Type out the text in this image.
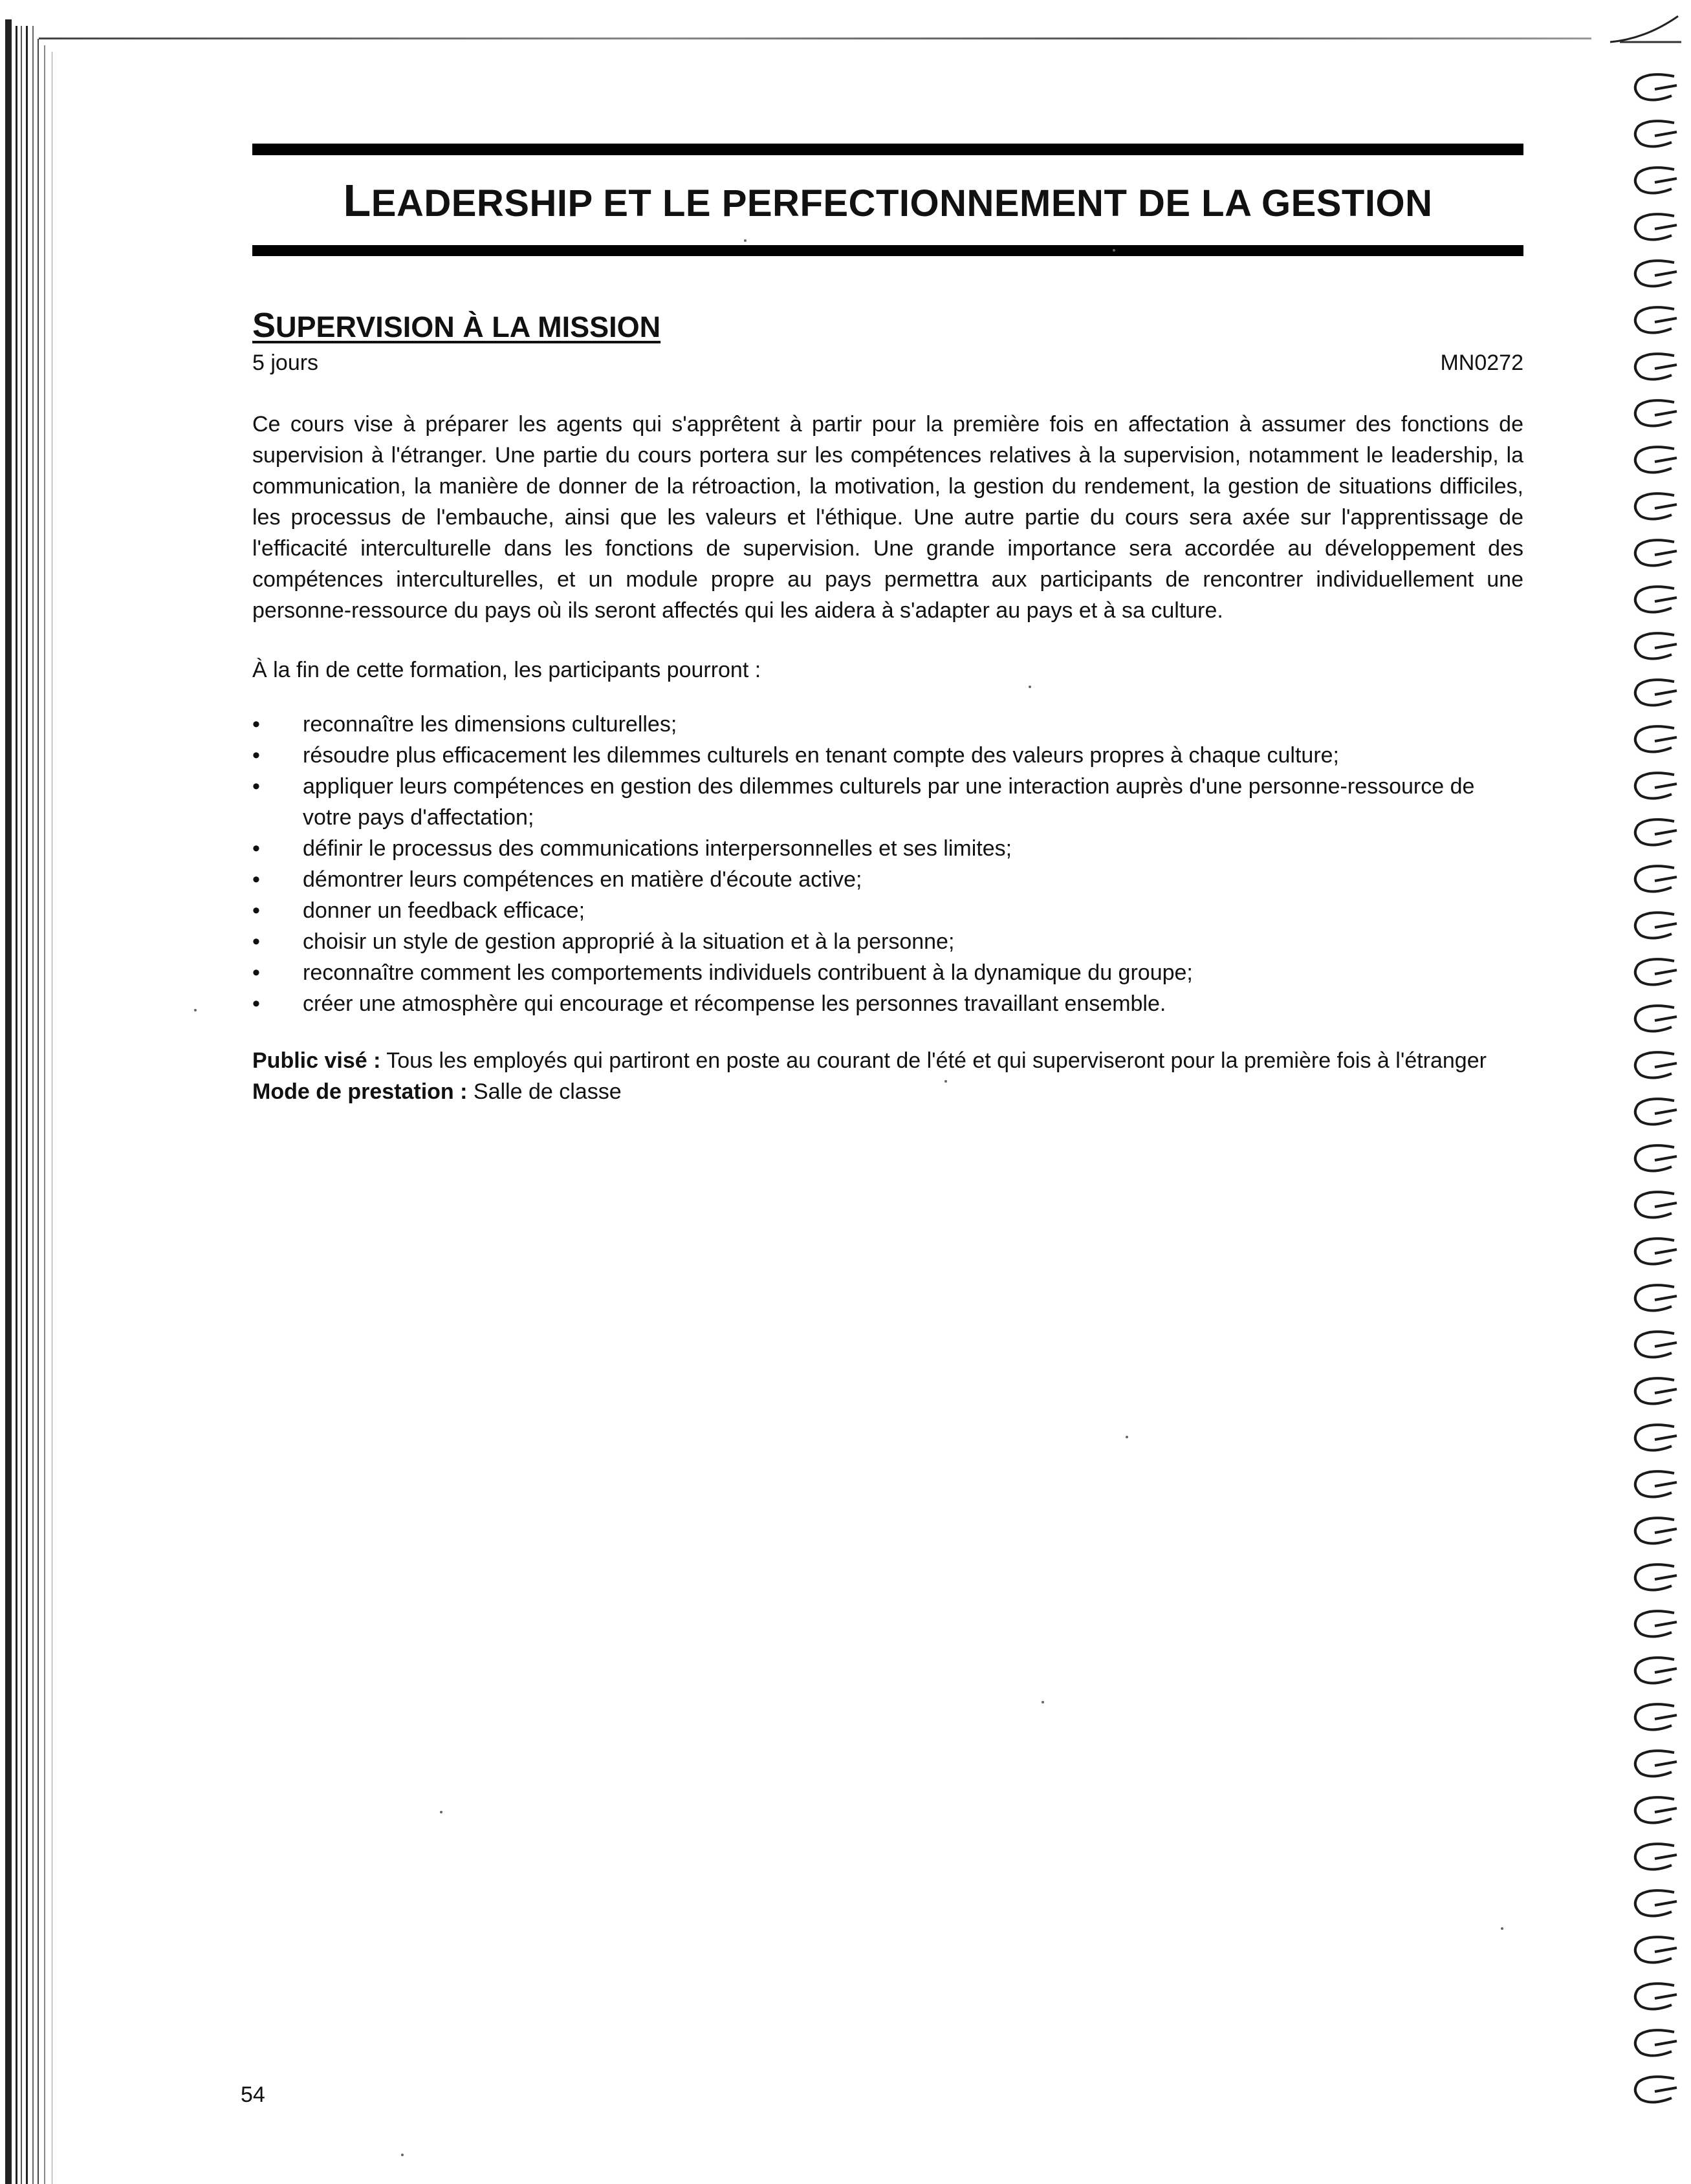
LEADERSHIP ET LE PERFECTIONNEMENT DE LA GESTION
SUPERVISION À LA MISSION
5 jours	MN0272
Ce cours vise à préparer les agents qui s'apprêtent à partir pour la première fois en affectation à assumer des fonctions de supervision à l'étranger. Une partie du cours portera sur les compétences relatives à la supervision, notamment le leadership, la communication, la manière de donner de la rétroaction, la motivation, la gestion du rendement, la gestion de situations difficiles, les processus de l'embauche, ainsi que les valeurs et l'éthique. Une autre partie du cours sera axée sur l'apprentissage de l'efficacité interculturelle dans les fonctions de supervision. Une grande importance sera accordée au développement des compétences interculturelles, et un module propre au pays permettra aux participants de rencontrer individuellement une personne-ressource du pays où ils seront affectés qui les aidera à s'adapter au pays et à sa culture.
À la fin de cette formation, les participants pourront :
•	reconnaître les dimensions culturelles;
•	résoudre plus efficacement les dilemmes culturels en tenant compte des valeurs propres à chaque culture;
•	appliquer leurs compétences en gestion des dilemmes culturels par une interaction auprès d'une personne-ressource de votre pays d'affectation;
•	définir le processus des communications interpersonnelles et ses limites;
•	démontrer leurs compétences en matière d'écoute active;
•	donner un feedback efficace;
•	choisir un style de gestion approprié à la situation et à la personne;
•	reconnaître comment les comportements individuels contribuent à la dynamique du groupe;
•	créer une atmosphère qui encourage et récompense les personnes travaillant ensemble.
Public visé : Tous les employés qui partiront en poste au courant de l'été et qui superviseront pour la première fois à l'étranger
Mode de prestation : Salle de classe
54
